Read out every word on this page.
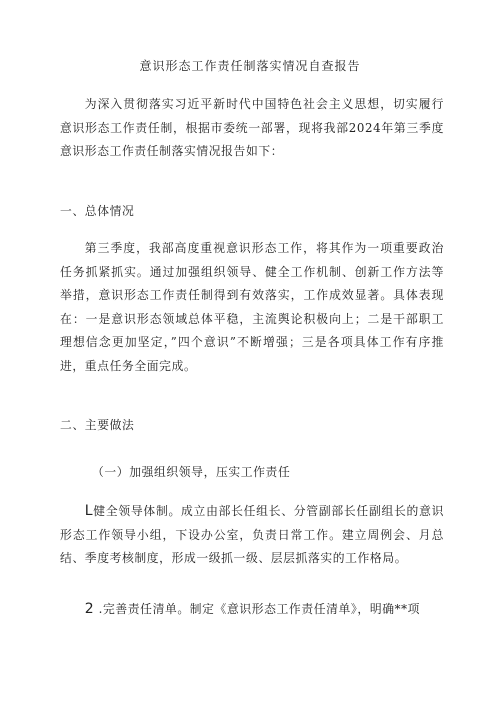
意识形态工作责任制落实情况自查报告
为深入贯彻落实习近平新时代中国特色社会主义思想，切实履行意识形态工作责任制，根据市委统一部署，现将我部2024年第三季度意识形态工作责任制落实情况报告如下：
一、总体情况
第三季度，我部高度重视意识形态工作，将其作为一项重要政治任务抓紧抓实。通过加强组织领导、健全工作机制、创新工作方法等举措，意识形态工作责任制得到有效落实，工作成效显著。具体表现在：一是意识形态领域总体平稳，主流舆论积极向上；二是干部职工理想信念更加坚定，”四个意识”不断增强；三是各项具体工作有序推进，重点任务全面完成。
二、主要做法
（一）加强组织领导，压实工作责任
L健全领导体制。成立由部长任组长、分管副部长任副组长的意识形态工作领导小组，下设办公室，负责日常工作。建立周例会、月总结、季度考核制度，形成一级抓一级、层层抓落实的工作格局。
2 .完善责任清单。制定《意识形态工作责任清单》，明确**项
